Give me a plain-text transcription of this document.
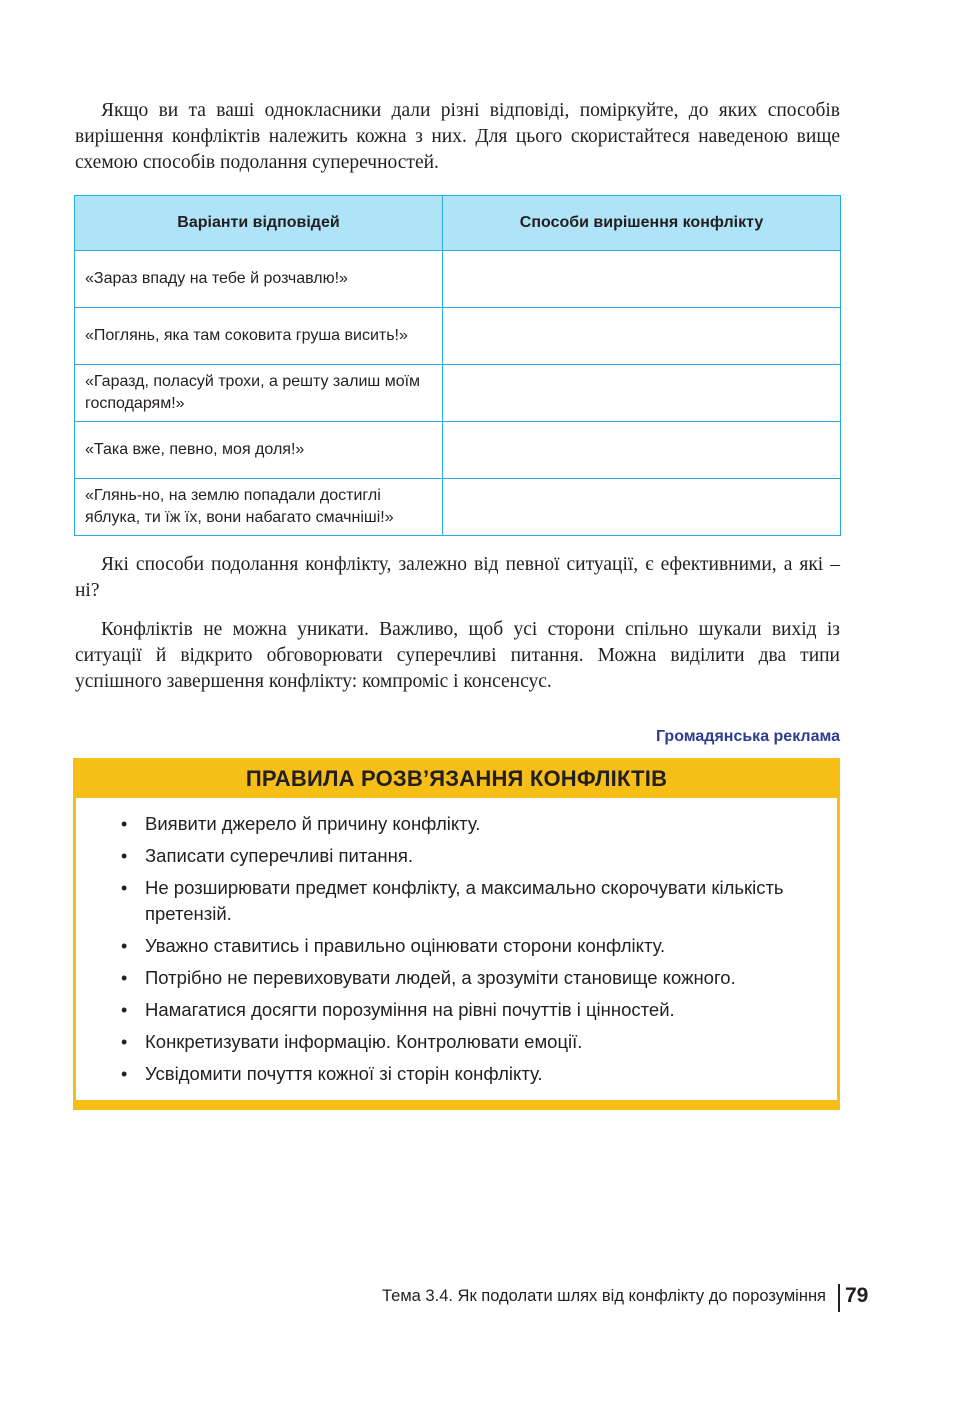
Якщо ви та ваші однокласники дали різні відповіді, поміркуйте, до яких способів вирішення конфліктів належить кожна з них. Для цього скористайтеся наведеною вище схемою способів подолання суперечностей.

Варіанти відповідей	Способи вирішення конфлікту
«Зараз впаду на тебе й розчавлю!»	
«Поглянь, яка там соковита груша висить!»	
«Гаразд, поласуй трохи, а решту залиш моїм господарям!»	
«Така вже, певно, моя доля!»	
«Глянь-но, на землю попадали достиглі яблука, ти їж їх, вони набагато смачніші!»	

Які способи подолання конфлікту, залежно від певної ситуації, є ефективними, а які – ні?

Конфліктів не можна уникати. Важливо, щоб усі сторони спільно шукали вихід із ситуації й відкрито обговорювати суперечливі питання. Можна виділити два типи успішного завершення конфлікту: компроміс і консенсус.

Громадянська реклама
ПРАВИЛА РОЗВ’ЯЗАННЯ КОНФЛІКТІВ
• Виявити джерело й причину конфлікту.
• Записати суперечливі питання.
• Не розширювати предмет конфлікту, а максимально скорочувати кількість претензій.
• Уважно ставитись і правильно оцінювати сторони конфлікту.
• Потрібно не перевиховувати людей, а зрозуміти становище кожного.
• Намагатися досягти порозуміння на рівні почуттів і цінностей.
• Конкретизувати інформацію. Контролювати емоції.
• Усвідомити почуття кожної зі сторін конфлікту.
Тема 3.4. Як подолати шлях від конфлікту до порозуміння 79
